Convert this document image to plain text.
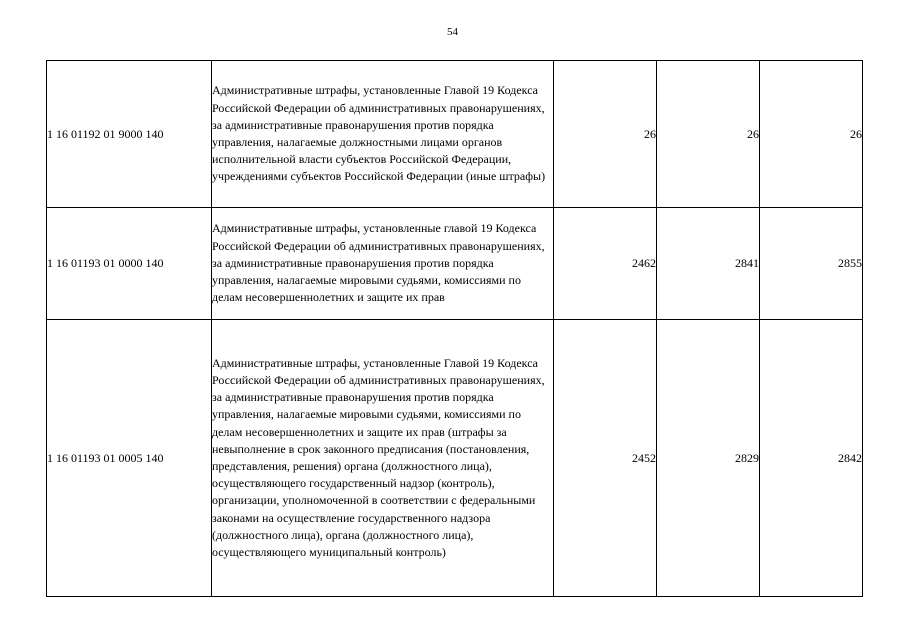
54
1 16 01192 01 9000 140	Административные штрафы, установленные Главой 19 Кодекса Российской Федерации об административных правонарушениях, за административные правонарушения против порядка управления, налагаемые должностными лицами органов исполнительной власти субъектов Российской Федерации, учреждениями субъектов Российской Федерации (иные штрафы)	26	26	26
1 16 01193 01 0000 140	Административные штрафы, установленные главой 19 Кодекса Российской Федерации об административных правонарушениях, за административные правонарушения против порядка управления, налагаемые мировыми судьями, комиссиями по делам несовершеннолетних и защите их прав	2462	2841	2855
1 16 01193 01 0005 140	Административные штрафы, установленные Главой 19 Кодекса Российской Федерации об административных правонарушениях, за административные правонарушения против порядка управления, налагаемые мировыми судьями, комиссиями по делам несовершеннолетних и защите их прав (штрафы за невыполнение в срок законного предписания (постановления, представления, решения) органа (должностного лица), осуществляющего государственный надзор (контроль), организации, уполномоченной в соответствии с федеральными законами на осуществление государственного надзора (должностного лица), органа (должностного лица), осуществляющего муниципальный контроль)	2452	2829	2842
